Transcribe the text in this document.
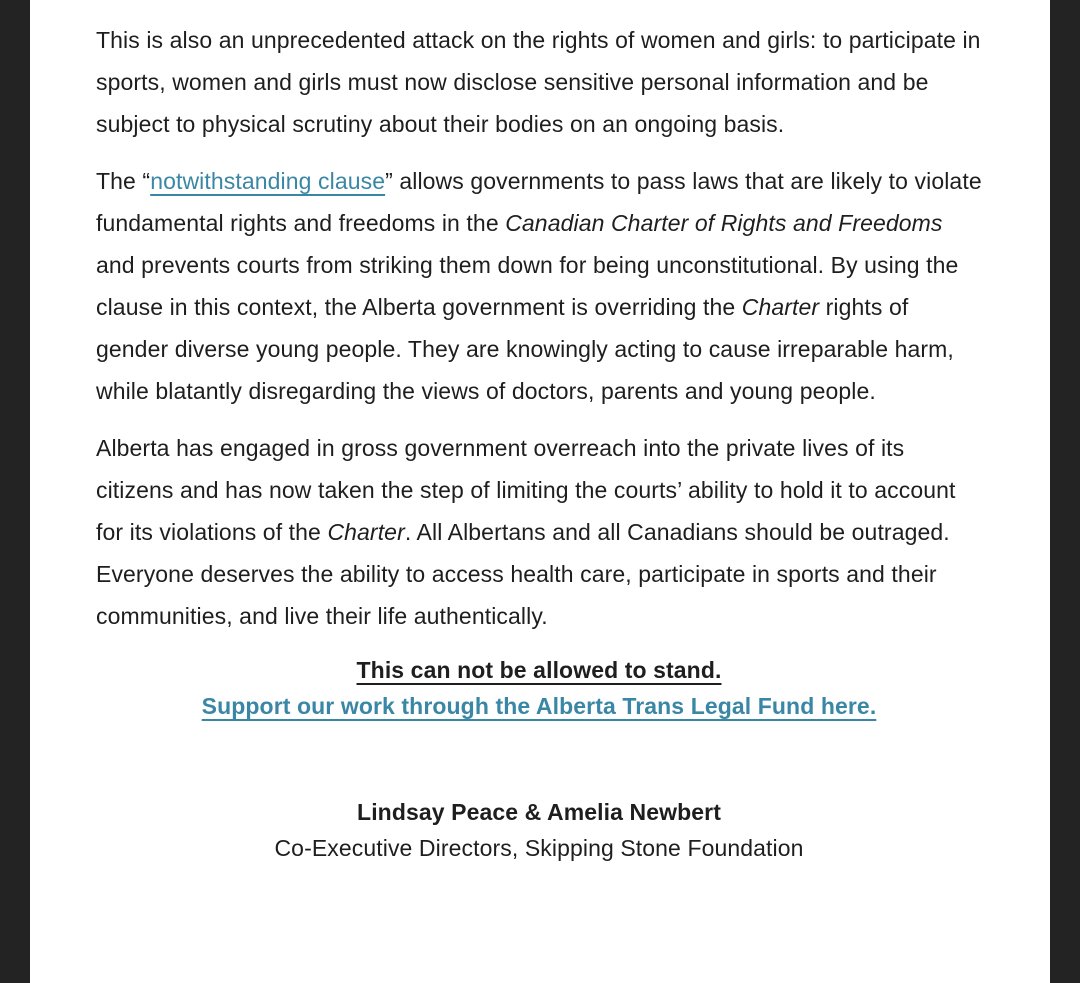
This is also an unprecedented attack on the rights of women and girls: to participate in sports, women and girls must now disclose sensitive personal information and be subject to physical scrutiny about their bodies on an ongoing basis.

The “notwithstanding clause” allows governments to pass laws that are likely to violate fundamental rights and freedoms in the Canadian Charter of Rights and Freedoms and prevents courts from striking them down for being unconstitutional. By using the clause in this context, the Alberta government is overriding the Charter rights of gender diverse young people. They are knowingly acting to cause irreparable harm, while blatantly disregarding the views of doctors, parents and young people.

Alberta has engaged in gross government overreach into the private lives of its citizens and has now taken the step of limiting the courts’ ability to hold it to account for its violations of the Charter. All Albertans and all Canadians should be outraged. Everyone deserves the ability to access health care, participate in sports and their communities, and live their life authentically.

This can not be allowed to stand.
Support our work through the Alberta Trans Legal Fund here.

Lindsay Peace & Amelia Newbert
Co-Executive Directors, Skipping Stone Foundation
